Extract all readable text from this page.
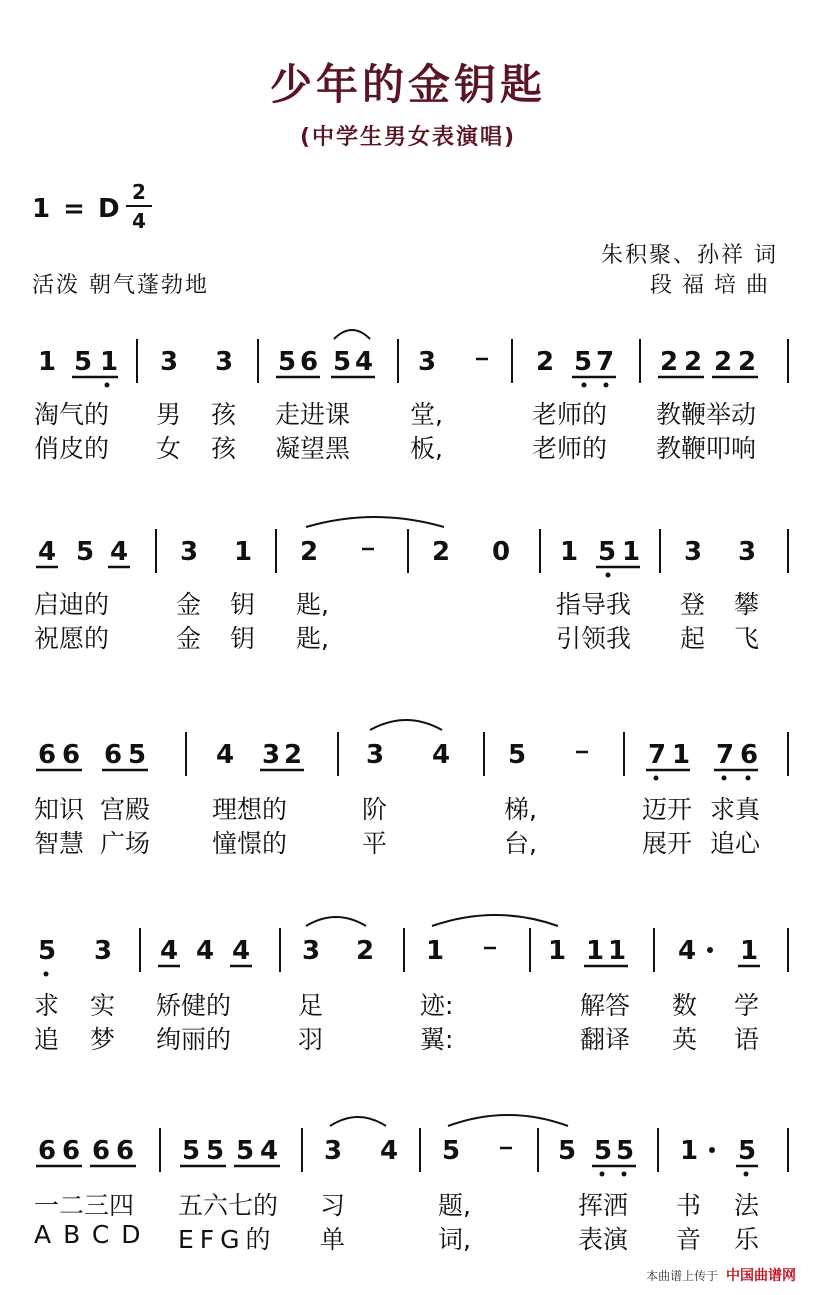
少年的金钥匙
(中学生男女表演唱)
1 = D
2
4
活泼 朝气蓬勃地
朱积聚、孙祥 词
段福培曲
1 5 1 3 3 5 6 5 4 3	2 5 7 2 2 2 2
淘气的 男 孩 走进课 堂,	老师的 教鞭举动
俏皮的 女 孩 凝望黑 板,	老师的 教鞭叩响
4 5 4 3 1 2	2 0 1 5 1 3 3
启迪的	金 钥 匙,	指导我 登 攀
祝愿的	金 钥 匙,	引领我 起 飞
6 6 6 5	4 3 2 3 4 5	7 1 7 6
知识 宫殿 理想的	阶	梯,	迈开 求真
智慧 广场 憧憬的	平	台,	展开 追心
5 3 4 4 4 3 2 1	1 1 1 4 1
求 实 矫健的	足	迹:	解答 数 学
追 梦 绚丽的	羽	翼:	翻译 英 语
6 6 6 6 5 5 5 4 3 4 5	5 5 5 1 5
一二三四 五六七的 习	题,	挥洒 书 法
ABCD EFG的 单	词,	表演 音 乐
本曲谱上传于 中国曲谱网
